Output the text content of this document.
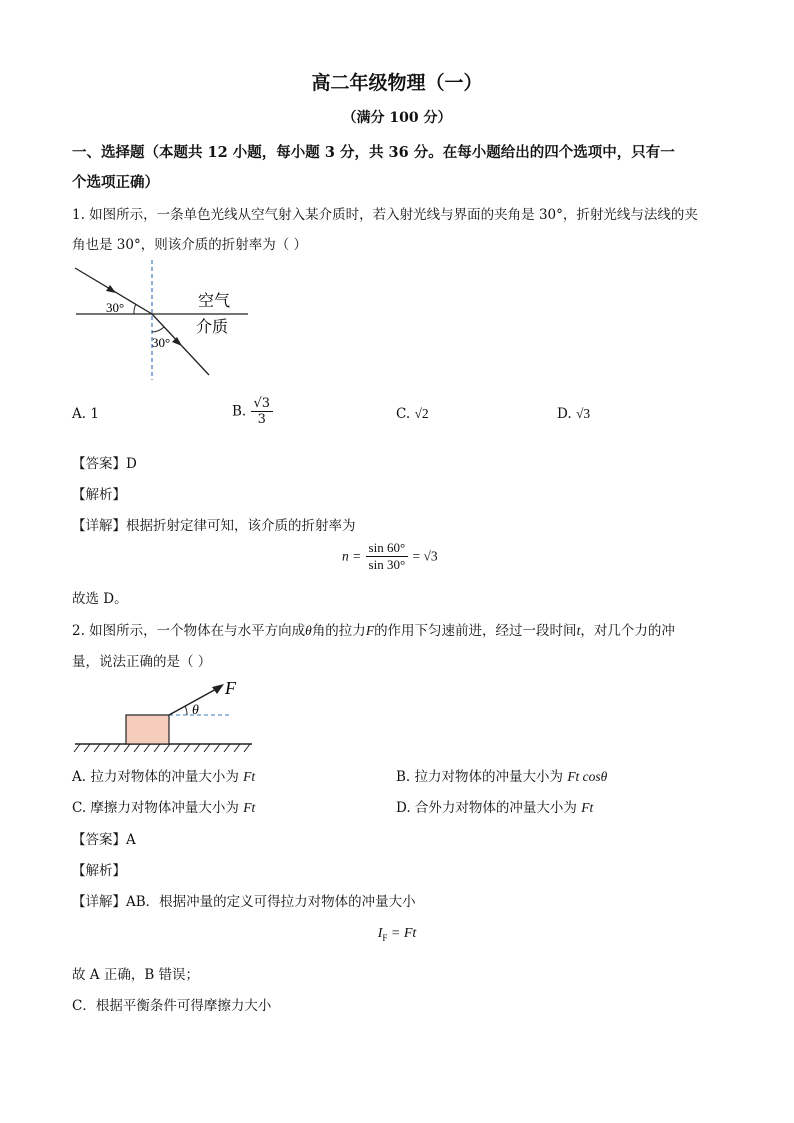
高二年级物理（一）
（满分 100 分）
一、选择题（本题共 12 小题，每小题 3 分，共 36 分。在每小题给出的四个选项中，只有一
个选项正确）
1. 如图所示，一条单色光线从空气射入某介质时，若入射光线与界面的夹角是 30°，折射光线与法线的夹
角也是 30°，则该介质的折射率为（ ）
30°
30°
空气
介质
A. 1	B. $\frac{√3}{3}$	C. √2	D. √3
【答案】D
【解析】
【详解】根据折射定律可知，该介质的折射率为
$n = \frac{\sin 60^\circ}{\sin 30^\circ} = √3$
故选 D。
2. 如图所示，一个物体在与水平方向成θ角的拉力F的作用下匀速前进，经过一段时间t，对几个力的冲
量，说法正确的是（ ）
F
θ
A. 拉力对物体的冲量大小为 Ft	B. 拉力对物体的冲量大小为 Ft cosθ
C. 摩擦力对物体冲量大小为 Ft	D. 合外力对物体的冲量大小为 Ft
【答案】A
【解析】
【详解】AB．根据冲量的定义可得拉力对物体的冲量大小
$I_F = Ft$
故 A 正确，B 错误；
C．根据平衡条件可得摩擦力大小
